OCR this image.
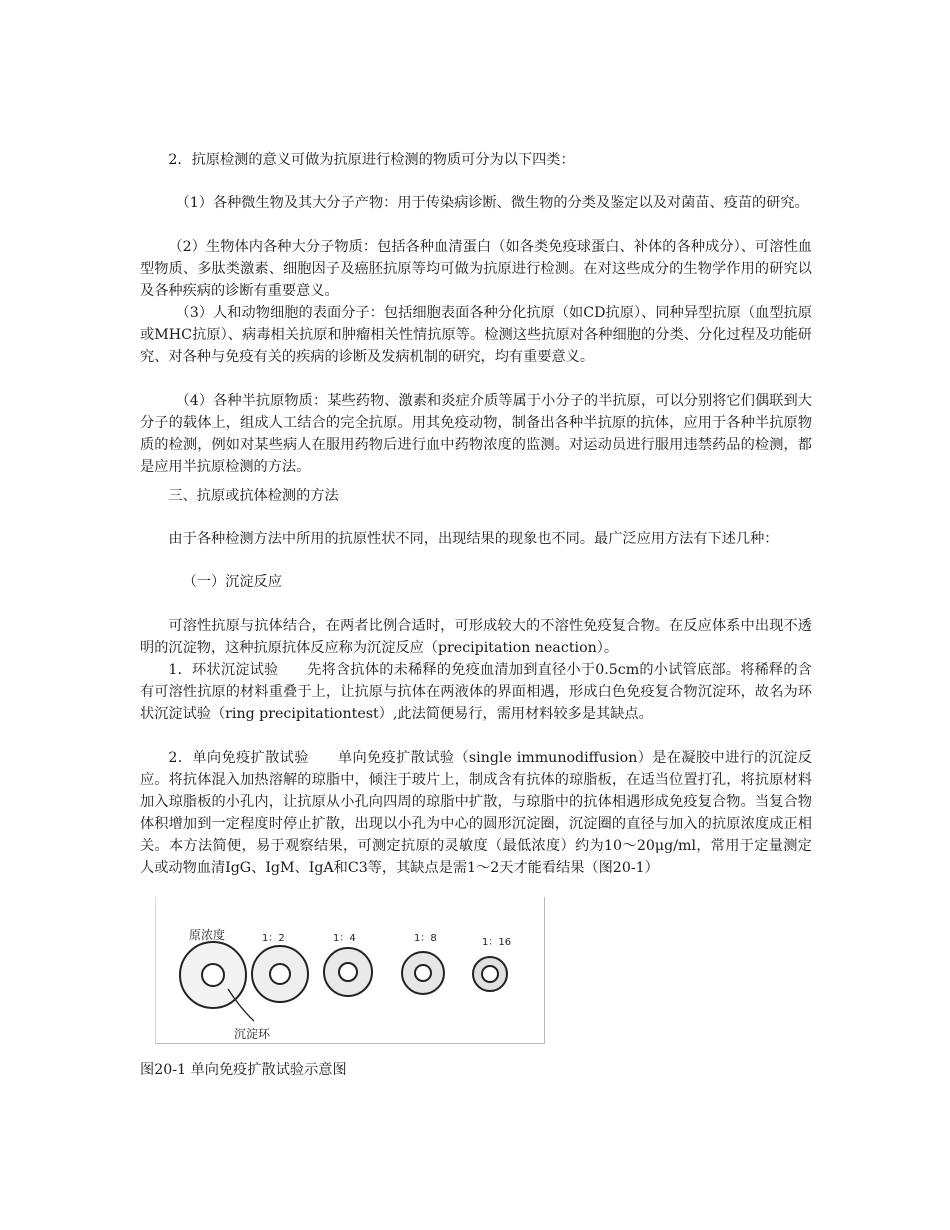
2．抗原检测的意义可做为抗原进行检测的物质可分为以下四类：

（1）各种微生物及其大分子产物：用于传染病诊断、微生物的分类及鉴定以及对菌苗、疫苗的研究。

（2）生物体内各种大分子物质：包括各种血清蛋白（如各类免疫球蛋白、补体的各种成分）、可溶性血型物质、多肽类激素、细胞因子及癌胚抗原等均可做为抗原进行检测。在对这些成分的生物学作用的研究以及各种疾病的诊断有重要意义。

（3）人和动物细胞的表面分子：包括细胞表面各种分化抗原（如CD抗原）、同种异型抗原（血型抗原或MHC抗原）、病毒相关抗原和肿瘤相关性情抗原等。检测这些抗原对各种细胞的分类、分化过程及功能研究、对各种与免疫有关的疾病的诊断及发病机制的研究，均有重要意义。

（4）各种半抗原物质：某些药物、激素和炎症介质等属于小分子的半抗原，可以分别将它们偶联到大分子的载体上，组成人工结合的完全抗原。用其免疫动物，制备出各种半抗原的抗体，应用于各种半抗原物质的检测，例如对某些病人在服用药物后进行血中药物浓度的监测。对运动员进行服用违禁药品的检测，都是应用半抗原检测的方法。

三、抗原或抗体检测的方法

由于各种检测方法中所用的抗原性状不同，出现结果的现象也不同。最广泛应用方法有下述几种：

（一）沉淀反应

可溶性抗原与抗体结合，在两者比例合适时，可形成较大的不溶性免疫复合物。在反应体系中出现不透明的沉淀物，这种抗原抗体反应称为沉淀反应（precipitation neaction）。

1．环状沉淀试验　　先将含抗体的未稀释的免疫血清加到直径小于0.5cm的小试管底部。将稀释的含有可溶性抗原的材料重叠于上，让抗原与抗体在两液体的界面相遇，形成白色免疫复合物沉淀环，故名为环状沉淀试验（ring precipitationtest）,此法简便易行，需用材料较多是其缺点。

2．单向免疫扩散试验　　单向免疫扩散试验（single immunodiffusion）是在凝胶中进行的沉淀反应。将抗体混入加热溶解的琼脂中，倾注于玻片上，制成含有抗体的琼脂板，在适当位置打孔，将抗原材料加入琼脂板的小孔内，让抗原从小孔向四周的琼脂中扩散，与琼脂中的抗体相遇形成免疫复合物。当复合物体积增加到一定程度时停止扩散，出现以小孔为中心的圆形沉淀圈，沉淀圈的直径与加入的抗原浓度成正相关。本方法简便，易于观察结果，可测定抗原的灵敏度（最低浓度）约为10～20μg/ml，常用于定量测定人或动物血清IgG、IgM、IgA和C3等，其缺点是需1～2天才能看结果（图20-1）

原浓度	1：2	1：4	1：8	1：16
沉淀环

图20-1 单向免疫扩散试验示意图
